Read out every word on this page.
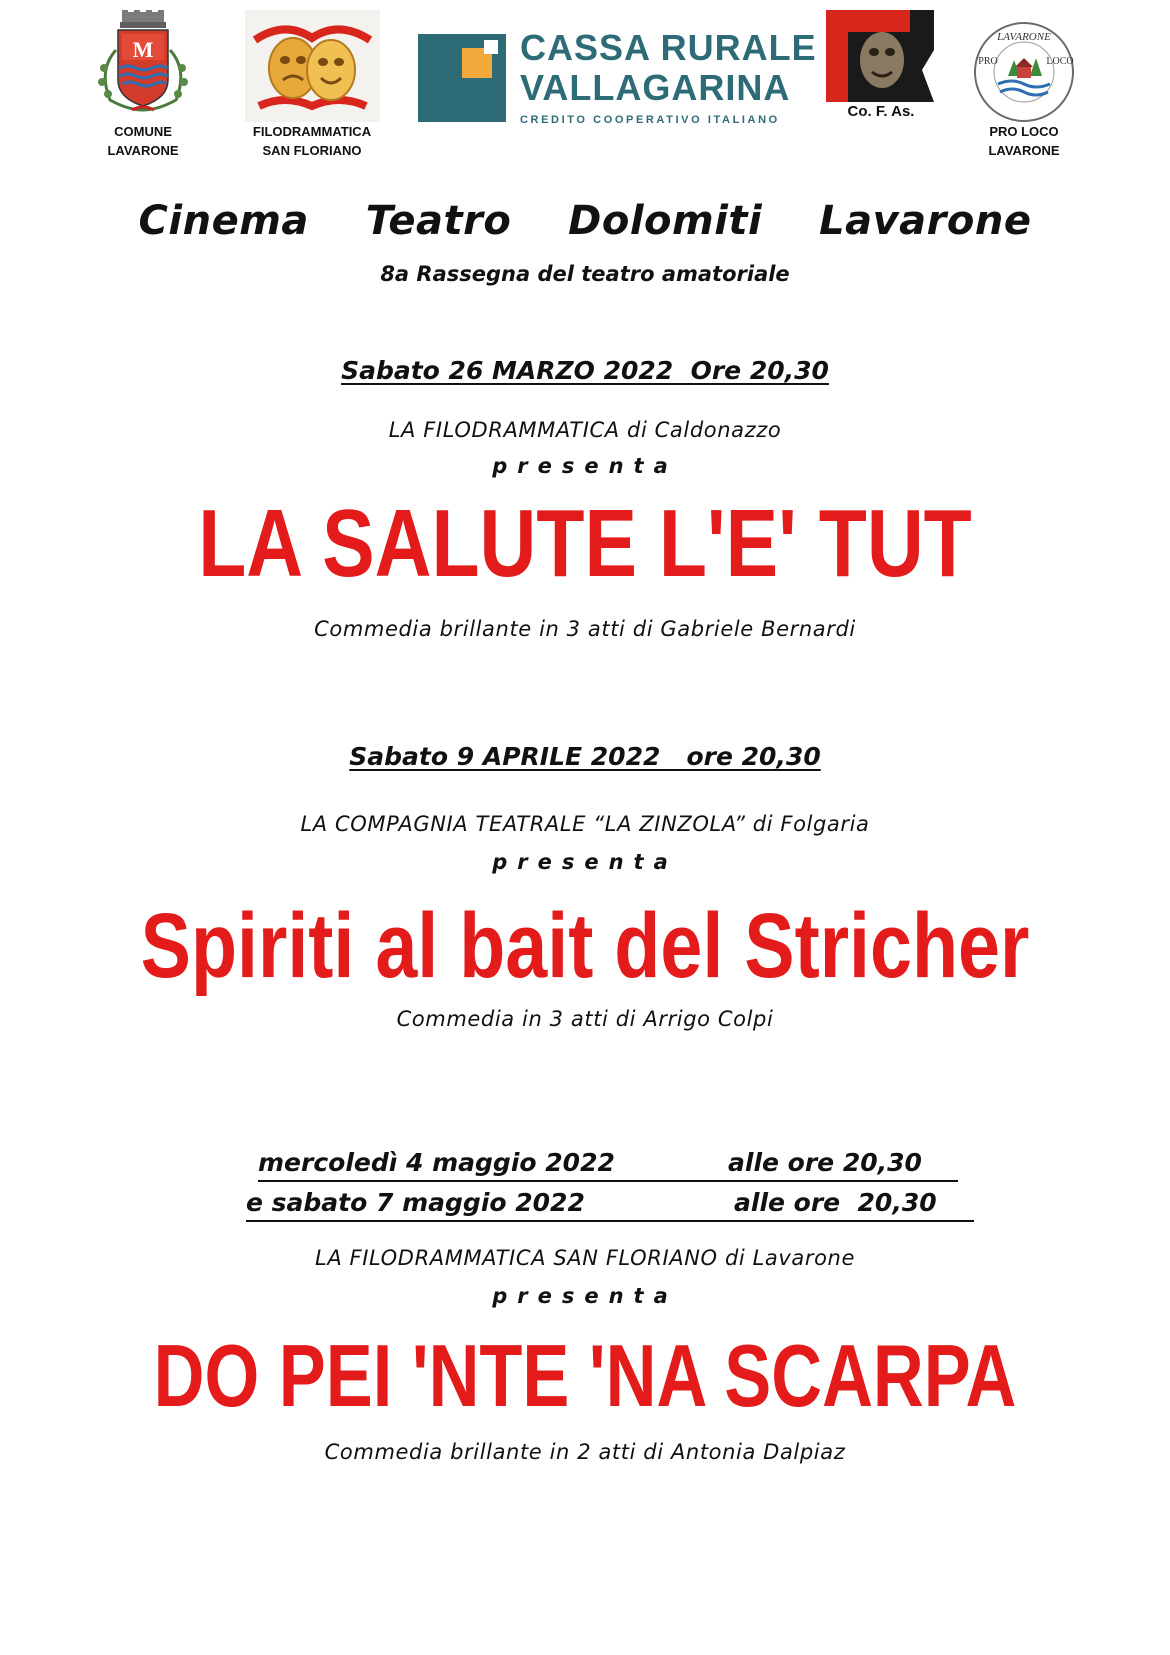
M
COMUNE
LAVARONE
FILODRAMMATICA
SAN FLORIANO
CASSA RURALE
VALLAGARINA
CREDITO COOPERATIVO ITALIANO	Co. F. As.
LAVARONE
PRO	LOCO
PRO LOCO
LAVARONE
Cinema  Teatro  Dolomiti  Lavarone
8a Rassegna del teatro amatoriale
Sabato 26 MARZO 2022  Ore 20,30
LA FILODRAMMATICA di Caldonazzo
presenta
LA SALUTE L'E' TUT
Commedia brillante in 3 atti di Gabriele Bernardi
Sabato 9 APRILE 2022   ore 20,30
LA COMPAGNIA TEATRALE “LA ZINZOLA” di Folgaria
presenta
Spiriti al bait del Stricher
Commedia in 3 atti di Arrigo Colpi
mercoledì 4 maggio 2022	alle ore 20,30
e sabato 7 maggio 2022	alle ore  20,30
LA FILODRAMMATICA SAN FLORIANO di Lavarone
presenta
DO PEI 'NTE 'NA SCARPA
Commedia brillante in 2 atti di Antonia Dalpiaz
